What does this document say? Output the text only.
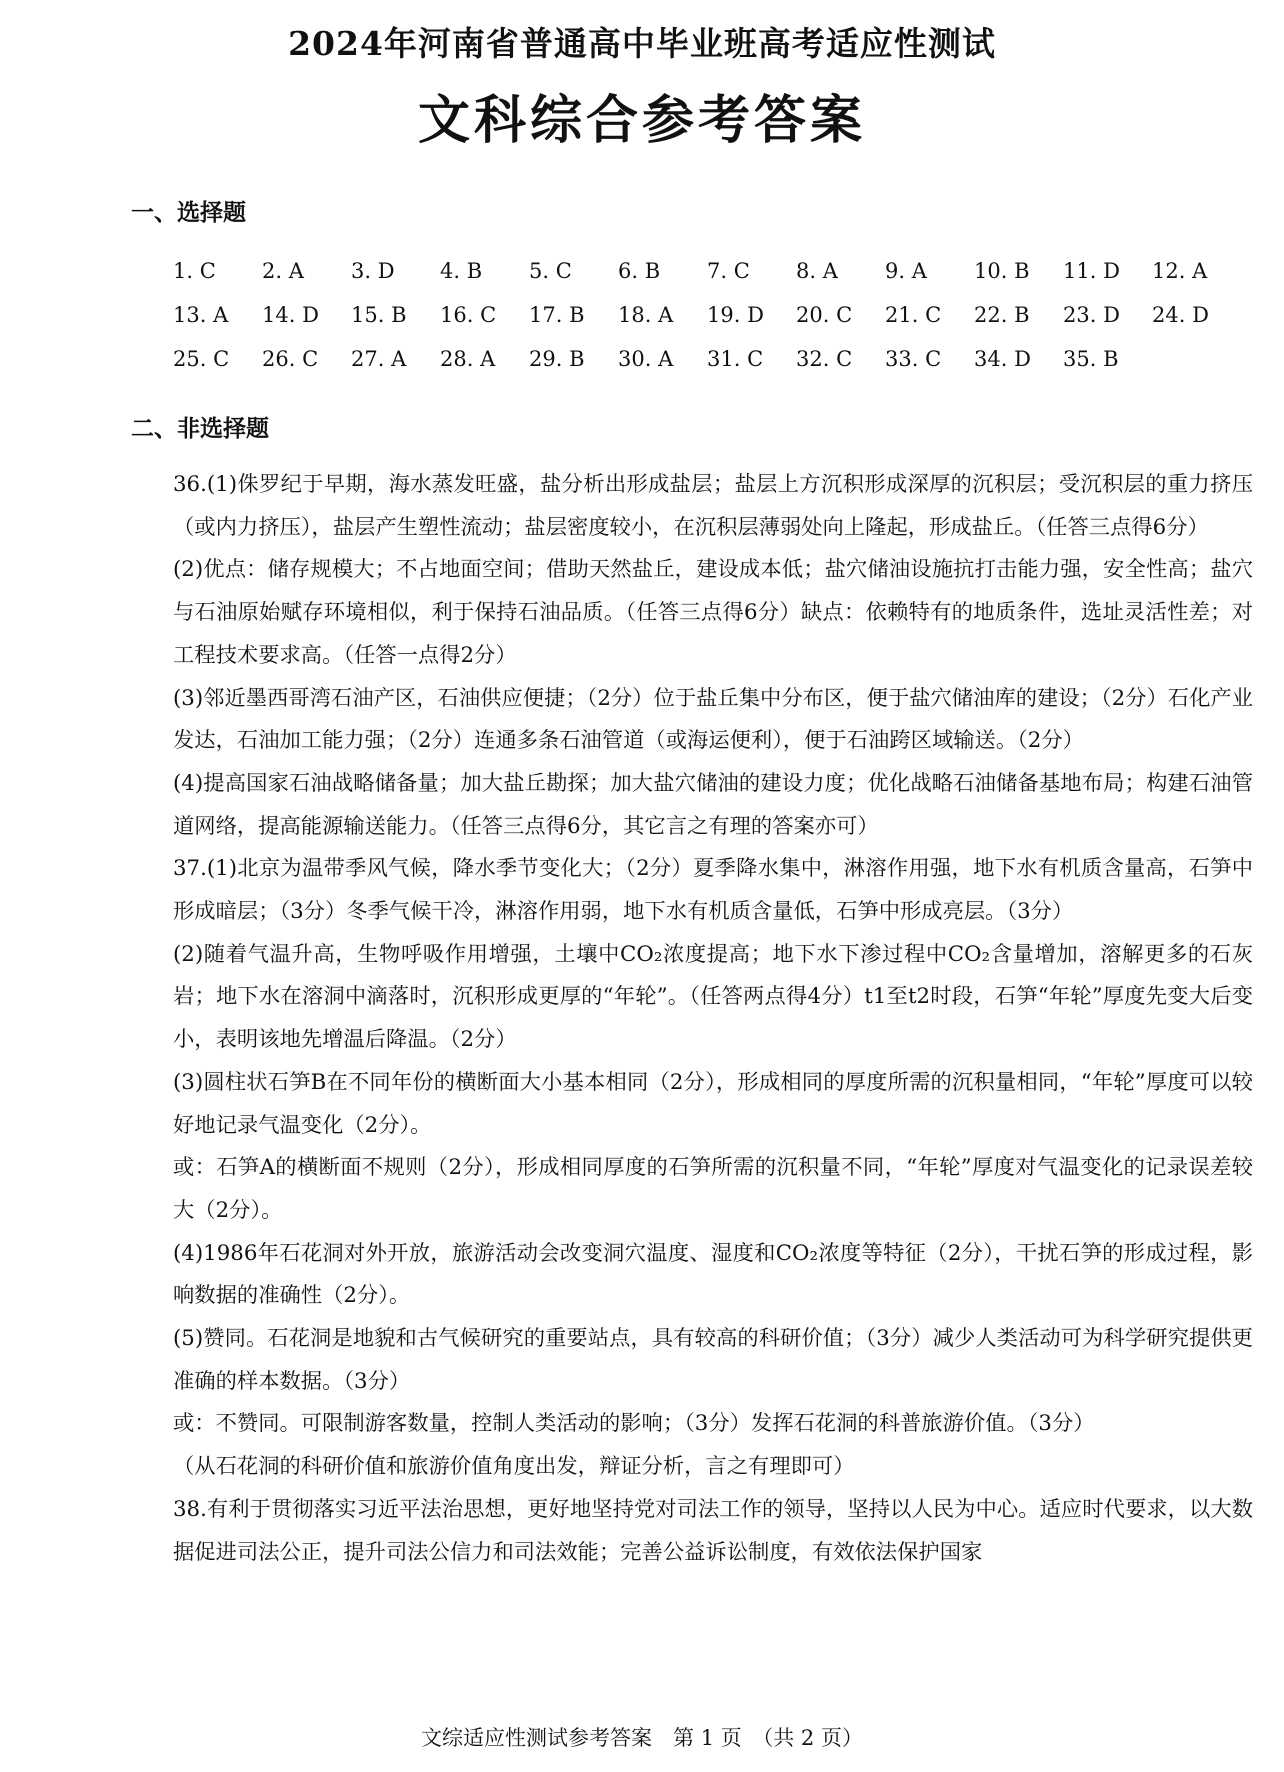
2024年河南省普通高中毕业班高考适应性测试
文科综合参考答案
一、选择题
1. C	2. A	3. D	4. B	5. C	6. B	7. C	8. A	9. A	10. B	11. D	12. A
13. A	14. D	15. B	16. C	17. B	18. A	19. D	20. C	21. C	22. B	23. D	24. D
25. C	26. C	27. A	28. A	29. B	30. A	31. C	32. C	33. C	34. D	35. B
二、非选择题

36.(1)侏罗纪于早期，海水蒸发旺盛，盐分析出形成盐层；盐层上方沉积形成深厚的沉积层；受沉积层的重力挤压（或内力挤压），盐层产生塑性流动；盐层密度较小，在沉积层薄弱处向上隆起，形成盐丘。（任答三点得6分）

(2)优点：储存规模大；不占地面空间；借助天然盐丘，建设成本低；盐穴储油设施抗打击能力强，安全性高；盐穴与石油原始赋存环境相似，利于保持石油品质。（任答三点得6分）缺点：依赖特有的地质条件，选址灵活性差；对工程技术要求高。（任答一点得2分）

(3)邻近墨西哥湾石油产区，石油供应便捷；（2分）位于盐丘集中分布区，便于盐穴储油库的建设；（2分）石化产业发达，石油加工能力强；（2分）连通多条石油管道（或海运便利），便于石油跨区域输送。（2分）

(4)提高国家石油战略储备量；加大盐丘勘探；加大盐穴储油的建设力度；优化战略石油储备基地布局；构建石油管道网络，提高能源输送能力。（任答三点得6分，其它言之有理的答案亦可）

37.(1)北京为温带季风气候，降水季节变化大；（2分）夏季降水集中，淋溶作用强，地下水有机质含量高，石笋中形成暗层；（3分）冬季气候干冷，淋溶作用弱，地下水有机质含量低，石笋中形成亮层。（3分）

(2)随着气温升高，生物呼吸作用增强，土壤中CO₂浓度提高；地下水下渗过程中CO₂含量增加，溶解更多的石灰岩；地下水在溶洞中滴落时，沉积形成更厚的“年轮”。（任答两点得4分）t1至t2时段，石笋“年轮”厚度先变大后变小，表明该地先增温后降温。（2分）

(3)圆柱状石笋B在不同年份的横断面大小基本相同（2分），形成相同的厚度所需的沉积量相同，“年轮”厚度可以较好地记录气温变化（2分）。

或：石笋A的横断面不规则（2分），形成相同厚度的石笋所需的沉积量不同，“年轮”厚度对气温变化的记录误差较大（2分）。

(4)1986年石花洞对外开放，旅游活动会改变洞穴温度、湿度和CO₂浓度等特征（2分），干扰石笋的形成过程，影响数据的准确性（2分）。

(5)赞同。石花洞是地貌和古气候研究的重要站点，具有较高的科研价值；（3分）减少人类活动可为科学研究提供更准确的样本数据。（3分）

或：不赞同。可限制游客数量，控制人类活动的影响；（3分）发挥石花洞的科普旅游价值。（3分）

（从石花洞的科研价值和旅游价值角度出发，辩证分析，言之有理即可）

38.有利于贯彻落实习近平法治思想，更好地坚持党对司法工作的领导，坚持以人民为中心。适应时代要求，以大数据促进司法公正，提升司法公信力和司法效能；完善公益诉讼制度，有效依法保护国家

文综适应性测试参考答案　第 1 页　（共 2 页）
